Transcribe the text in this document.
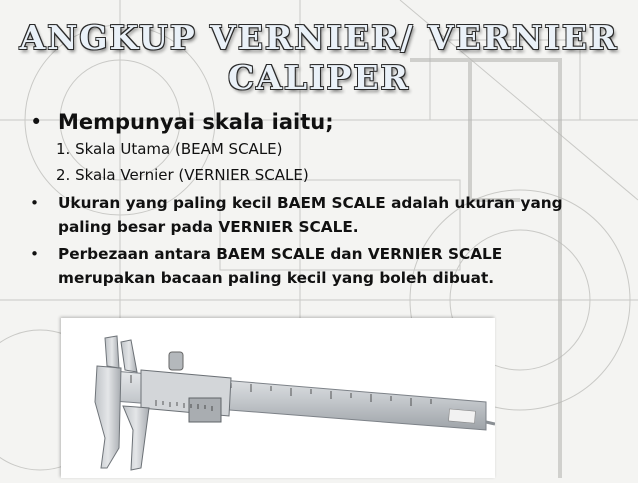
ANGKUP VERNIER/ VERNIER
CALIPER
• Mempunyai skala iaitu;
1. Skala Utama (BEAM SCALE)
2. Skala Vernier (VERNIER SCALE)
• Ukuran yang paling kecil BAEM SCALE adalah ukuran yang
paling besar pada VERNIER SCALE.
• Perbezaan antara BAEM SCALE dan VERNIER SCALE
merupakan bacaan paling kecil yang boleh dibuat.
